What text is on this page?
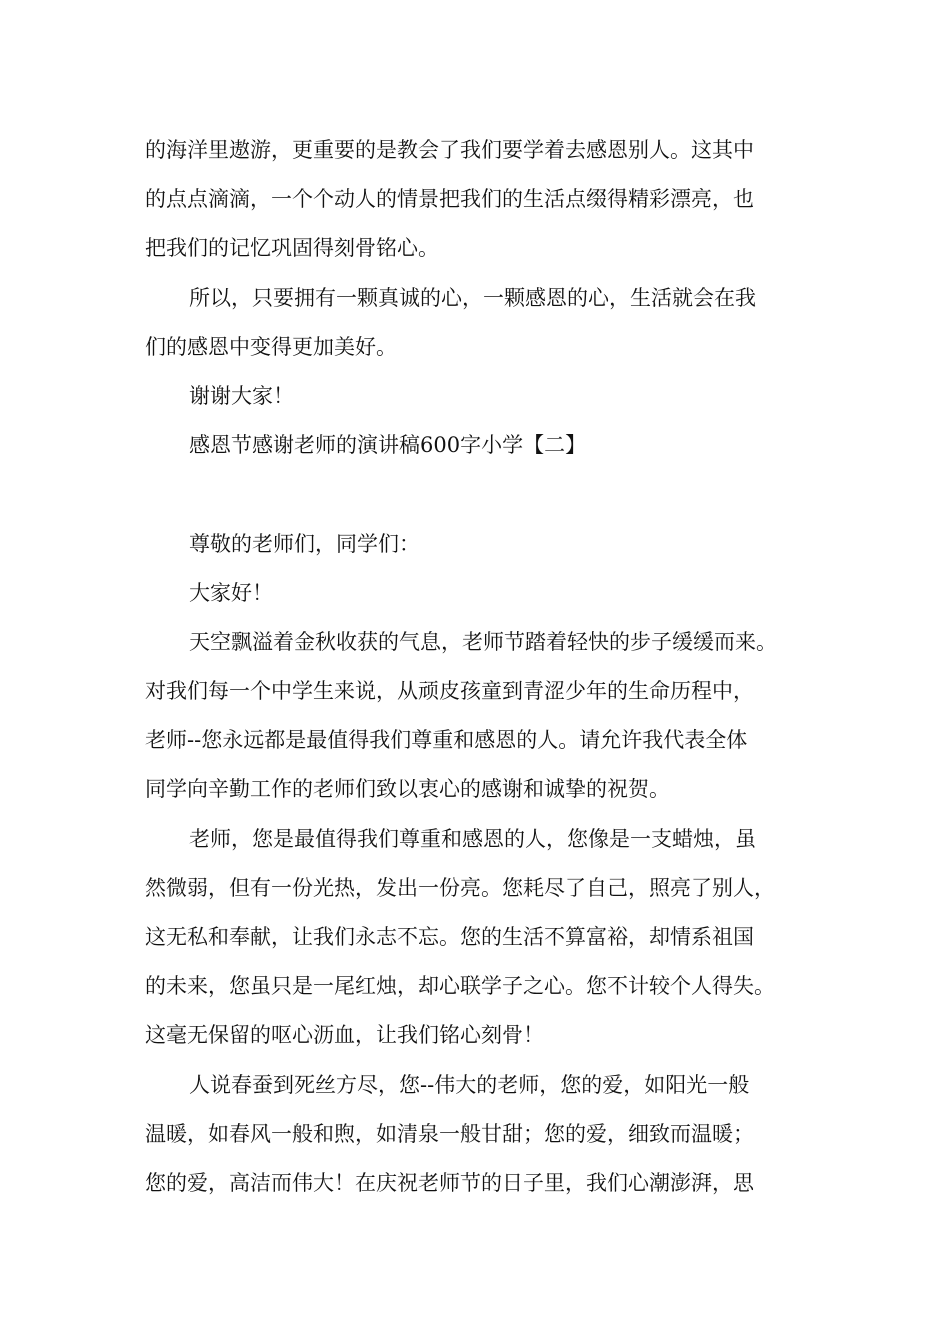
的海洋里遨游，更重要的是教会了我们要学着去感恩别人。这其中
的点点滴滴，一个个动人的情景把我们的生活点缀得精彩漂亮，也
把我们的记忆巩固得刻骨铭心。
所以，只要拥有一颗真诚的心，一颗感恩的心，生活就会在我
们的感恩中变得更加美好。
谢谢大家！
感恩节感谢老师的演讲稿600字小学【二】
尊敬的老师们，同学们：
大家好！
天空飘溢着金秋收获的气息，老师节踏着轻快的步子缓缓而来。
对我们每一个中学生来说，从顽皮孩童到青涩少年的生命历程中，
老师--您永远都是最值得我们尊重和感恩的人。请允许我代表全体
同学向辛勤工作的老师们致以衷心的感谢和诚挚的祝贺。
老师，您是最值得我们尊重和感恩的人，您像是一支蜡烛，虽
然微弱，但有一份光热，发出一份亮。您耗尽了自己，照亮了别人，
这无私和奉献，让我们永志不忘。您的生活不算富裕，却情系祖国
的未来，您虽只是一尾红烛，却心联学子之心。您不计较个人得失。
这毫无保留的呕心沥血，让我们铭心刻骨！
人说春蚕到死丝方尽，您--伟大的老师，您的爱，如阳光一般
温暖，如春风一般和煦，如清泉一般甘甜；您的爱，细致而温暖；
您的爱，高洁而伟大！在庆祝老师节的日子里，我们心潮澎湃，思
